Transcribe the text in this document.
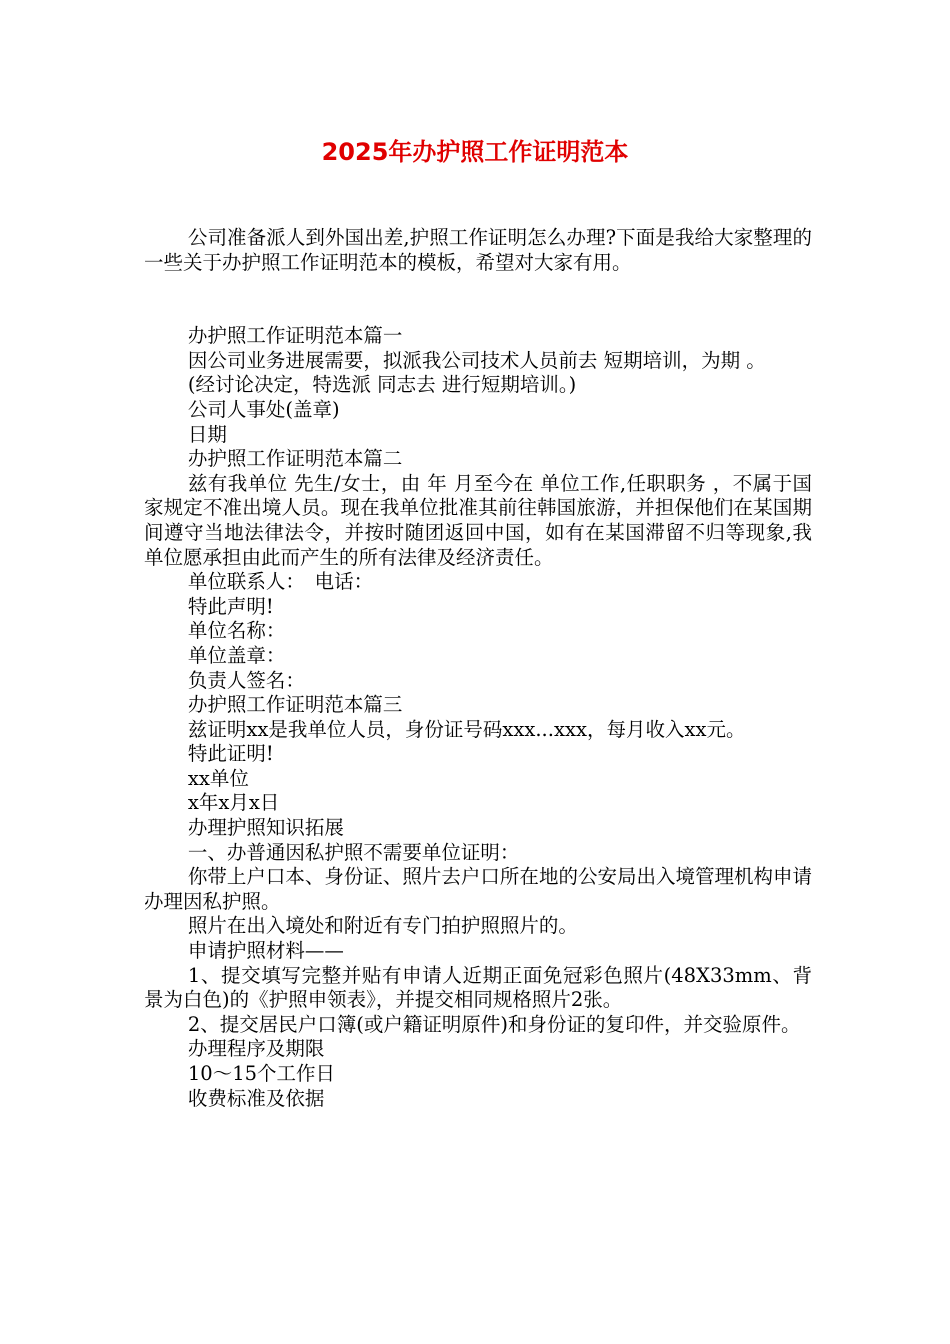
2025年办护照工作证明范本

公司准备派人到外国出差,护照工作证明怎么办理?下面是我给大家整理的一些关于办护照工作证明范本的模板，希望对大家有用。

办护照工作证明范本篇一

因公司业务进展需要，拟派我公司技术人员前去 短期培训，为期 。

(经讨论决定，特选派 同志去 进行短期培训。)

公司人事处(盖章)

日期

办护照工作证明范本篇二

兹有我单位 先生/女士，由 年 月至今在 单位工作,任职职务 ，不属于国家规定不准出境人员。现在我单位批准其前往韩国旅游，并担保他们在某国期间遵守当地法律法令，并按时随团返回中国，如有在某国滞留不归等现象,我单位愿承担由此而产生的所有法律及经济责任。

单位联系人：　电话：

特此声明!

单位名称：

单位盖章：

负责人签名：

办护照工作证明范本篇三

兹证明xx是我单位人员，身份证号码xxx...xxx，每月收入xx元。

特此证明!

xx单位

x年x月x日

办理护照知识拓展

一、办普通因私护照不需要单位证明：

你带上户口本、身份证、照片去户口所在地的公安局出入境管理机构申请办理因私护照。

照片在出入境处和附近有专门拍护照照片的。

申请护照材料——

1、提交填写完整并贴有申请人近期正面免冠彩色照片(48X33mm、背景为白色)的《护照申领表》，并提交相同规格照片2张。

2、提交居民户口簿(或户籍证明原件)和身份证的复印件，并交验原件。

办理程序及期限

10～15个工作日

收费标准及依据
